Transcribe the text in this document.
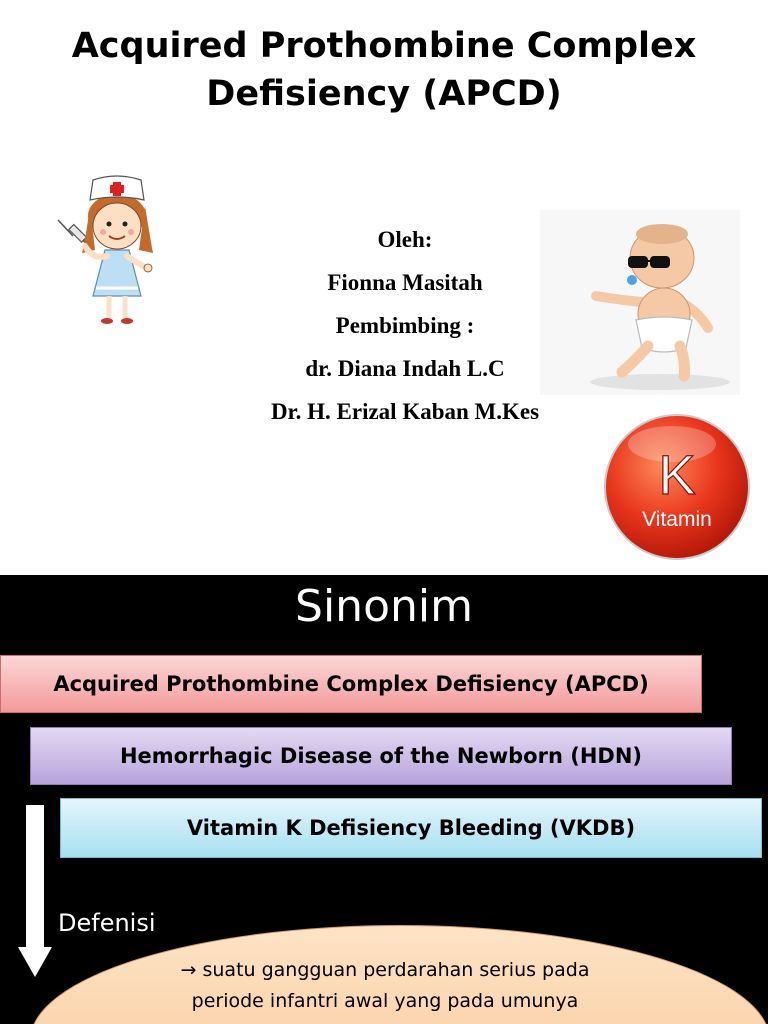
Acquired Prothombine Complex
Defisiency (APCD)
Oleh:
Fionna Masitah
Pembimbing :
dr. Diana Indah L.C
Dr. H. Erizal Kaban M.Kes
K
Vitamin
Sinonim
Acquired Prothombine Complex Defisiency (APCD)
Hemorrhagic Disease of the Newborn (HDN)
Vitamin K Defisiency Bleeding (VKDB)
Defenisi
→ suatu gangguan perdarahan serius pada
periode infantri awal yang pada umunya
